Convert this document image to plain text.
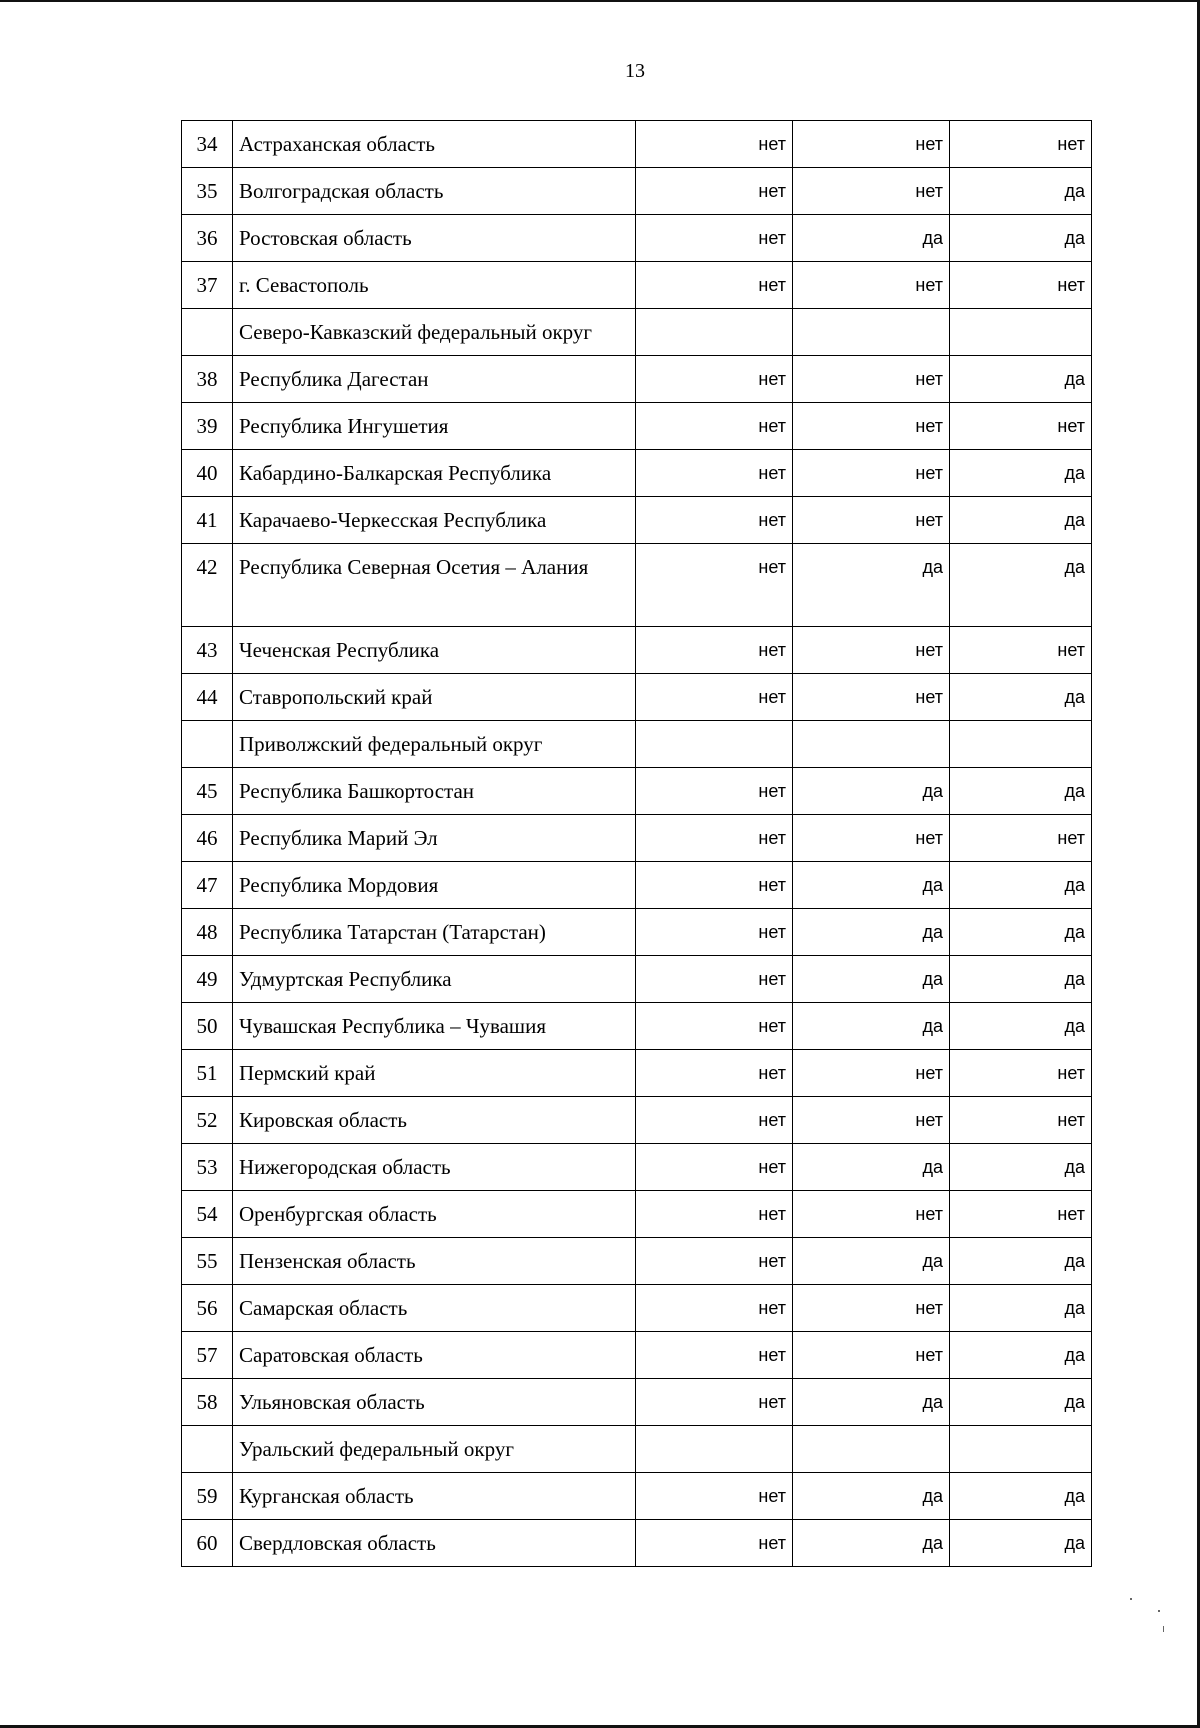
13
34	Астраханская область	нет	нет	нет
35	Волгоградская область	нет	нет	да
36	Ростовская область	нет	да	да
37	г. Севастополь	нет	нет	нет
	Северо-Кавказский федеральный округ			
38	Республика Дагестан	нет	нет	да
39	Республика Ингушетия	нет	нет	нет
40	Кабардино-Балкарская Республика	нет	нет	да
41	Карачаево-Черкесская Республика	нет	нет	да
42	Республика Северная Осетия – Алания	нет	да	да
43	Чеченская Республика	нет	нет	нет
44	Ставропольский край	нет	нет	да
	Приволжский федеральный округ			
45	Республика Башкортостан	нет	да	да
46	Республика Марий Эл	нет	нет	нет
47	Республика Мордовия	нет	да	да
48	Республика Татарстан (Татарстан)	нет	да	да
49	Удмуртская Республика	нет	да	да
50	Чувашская Республика – Чувашия	нет	да	да
51	Пермский край	нет	нет	нет
52	Кировская область	нет	нет	нет
53	Нижегородская область	нет	да	да
54	Оренбургская область	нет	нет	нет
55	Пензенская область	нет	да	да
56	Самарская область	нет	нет	да
57	Саратовская область	нет	нет	да
58	Ульяновская область	нет	да	да
	Уральский федеральный округ			
59	Курганская область	нет	да	да
60	Свердловская область	нет	да	да
